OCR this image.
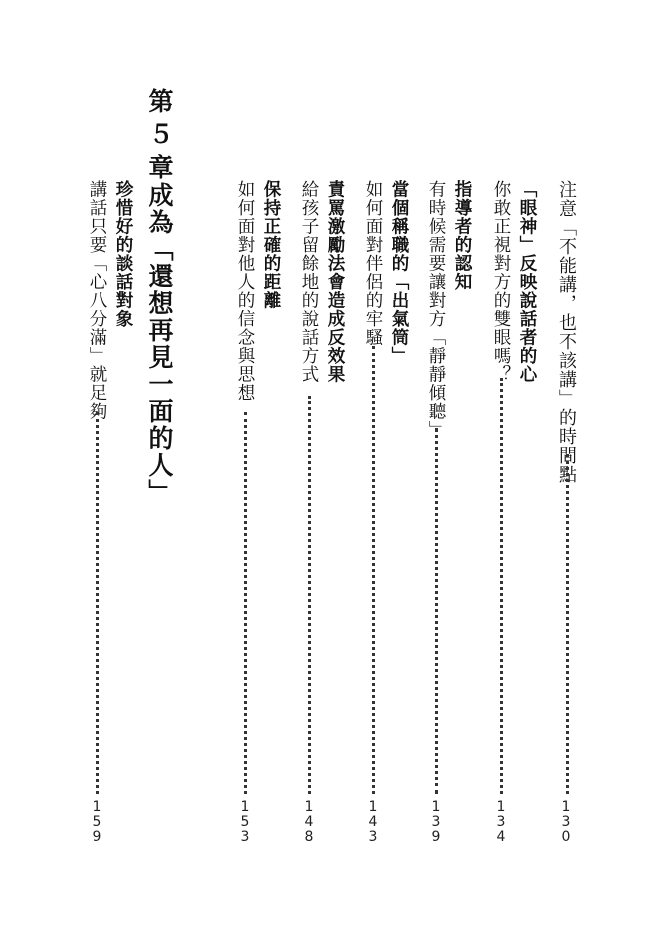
注意「不能講，也不該講」的時間點
1
3
0
「眼神」反映說話者的心
你敢正視對方的雙眼嗎？
1
3
4
指導者的認知
有時候需要讓對方「靜靜傾聽」
1
3
9
當個稱職的「出氣筒」
如何面對伴侶的牢騷
1
4
3
責罵激勵法會造成反效果
給孩子留餘地的說話方式
1
4
8
保持正確的距離
如何面對他人的信念與思想
1
5
3
第５章
成為「還想再見一面的人」
珍惜好的談話對象
講話只要「心八分滿」就足夠
1
5
9
